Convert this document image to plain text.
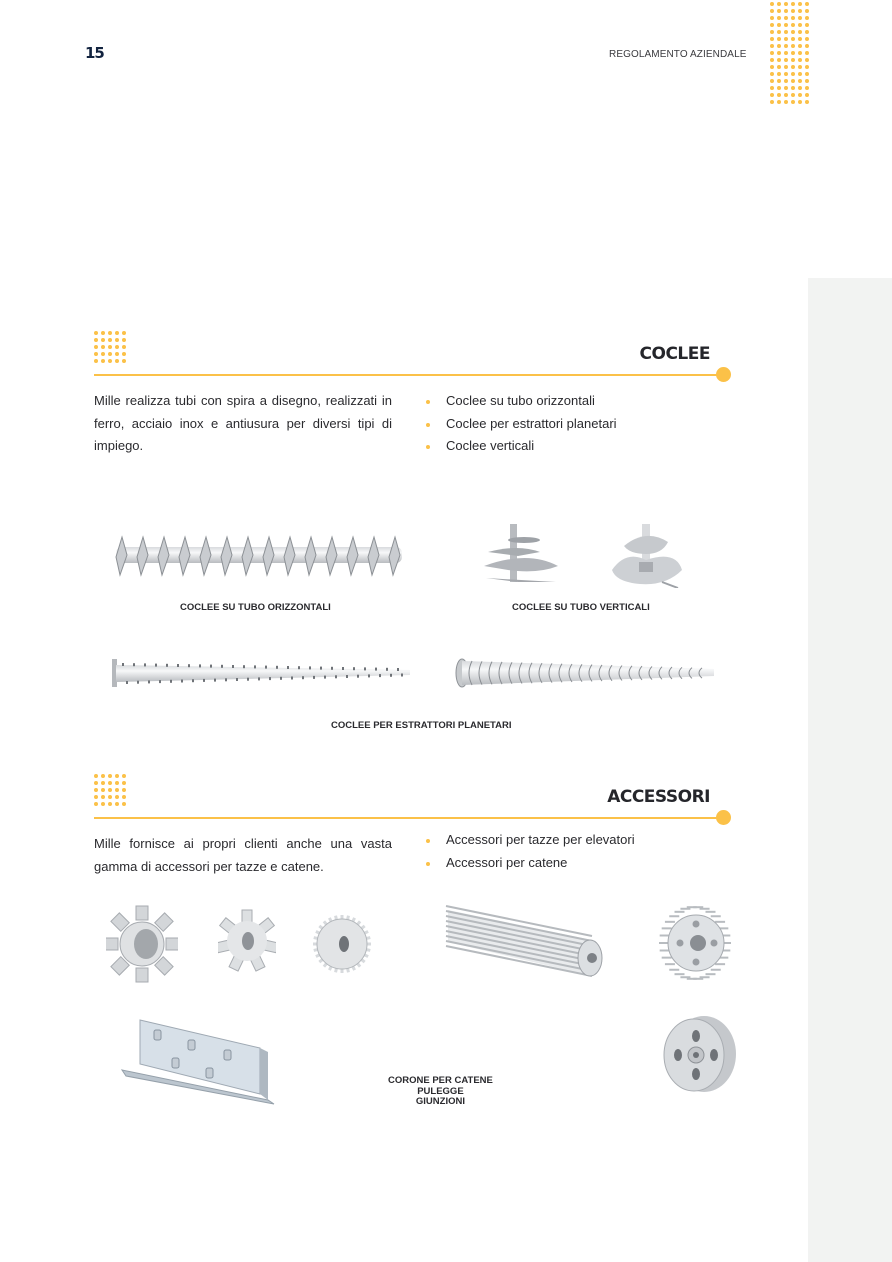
15	REGOLAMENTO AZIENDALE
COCLEE
Mille realizza tubi con spira a disegno, realizzati in ferro, acciaio inox e antiusura per diversi tipi di impiego.
Coclee su tubo orizzontali
Coclee per estrattori planetari
Coclee verticali
COCLEE SU TUBO ORIZZONTALI	COCLEE SU TUBO VERTICALI
COCLEE PER ESTRATTORI PLANETARI
ACCESSORI
Mille fornisce ai propri clienti anche una vasta gamma di accessori per tazze e catene.
Accessori per tazze per elevatori
Accessori per catene
CORONE PER CATENE
PULEGGE
GIUNZIONI
